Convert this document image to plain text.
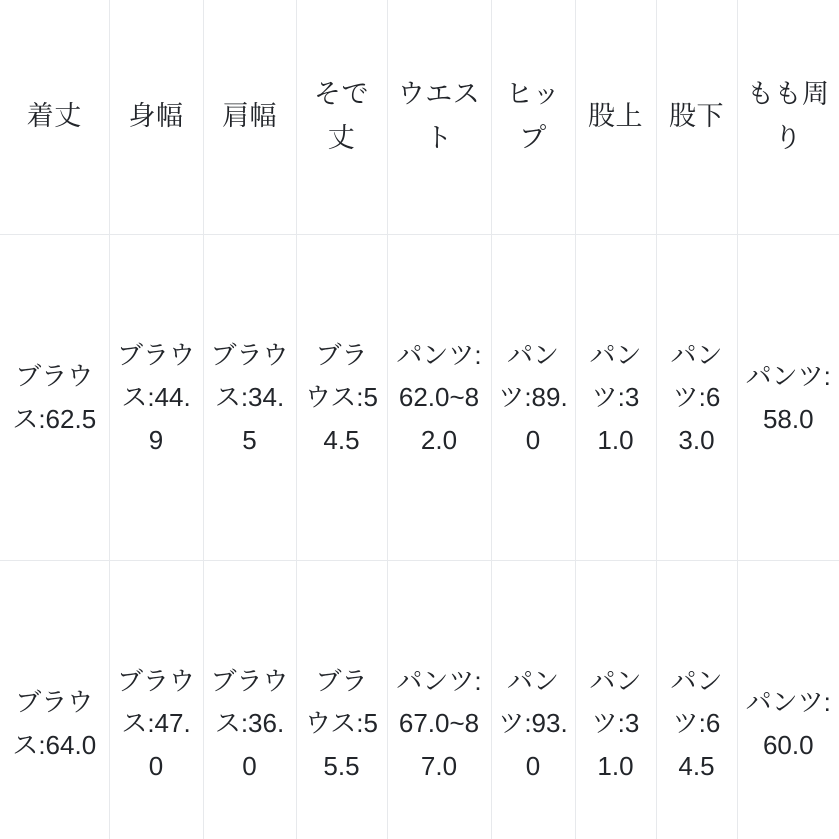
着丈	身幅	肩幅	そで丈	ウエスト	ヒップ	股上	股下	もも周り

ブラウス:62.5	ブラウス:44.9	ブラウス:34.5	ブラウス:54.5	パンツ:62.0~82.0	パンツ:89.0	パンツ:31.0	パンツ:63.0	パンツ:58.0

ブラウス:64.0	ブラウス:47.0	ブラウス:36.0	ブラウス:55.5	パンツ:67.0~87.0	パンツ:93.0	パンツ:31.0	パンツ:64.5	パンツ:60.0
